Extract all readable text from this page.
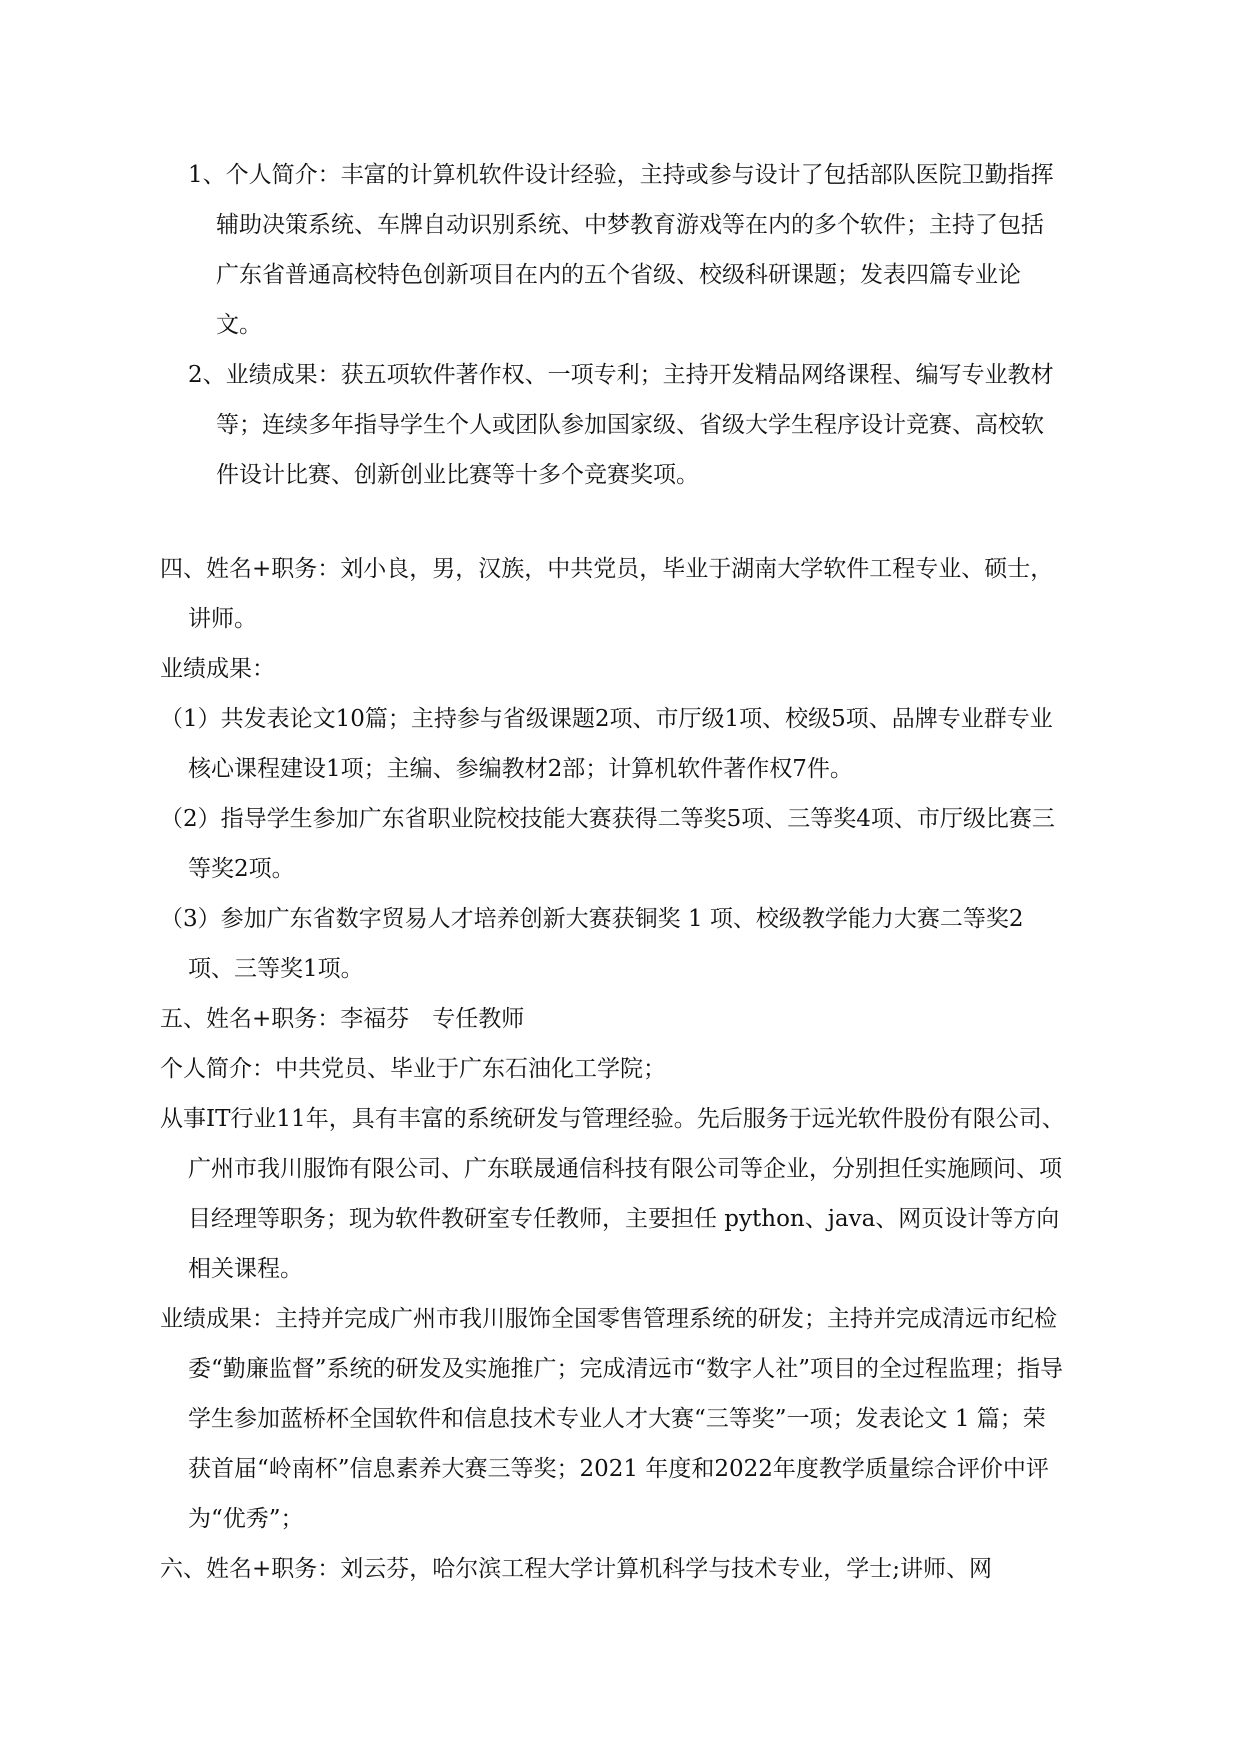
1、个人简介：丰富的计算机软件设计经验，主持或参与设计了包括部队医院卫勤指挥辅助决策系统、车牌自动识别系统、中梦教育游戏等在内的多个软件；主持了包括广东省普通高校特色创新项目在内的五个省级、校级科研课题；发表四篇专业论文。

2、业绩成果：获五项软件著作权、一项专利；主持开发精品网络课程、编写专业教材等；连续多年指导学生个人或团队参加国家级、省级大学生程序设计竞赛、高校软件设计比赛、创新创业比赛等十多个竞赛奖项。

四、姓名+职务：刘小良，男，汉族，中共党员，毕业于湖南大学软件工程专业、硕士，讲师。

业绩成果：

（1）共发表论文10篇；主持参与省级课题2项、市厅级1项、校级5项、品牌专业群专业核心课程建设1项；主编、参编教材2部；计算机软件著作权7件。

（2）指导学生参加广东省职业院校技能大赛获得二等奖5项、三等奖4项、市厅级比赛三等奖2项。

（3）参加广东省数字贸易人才培养创新大赛获铜奖 1 项、校级教学能力大赛二等奖2项、三等奖1项。

五、姓名+职务：李福芬　专任教师

个人简介：中共党员、毕业于广东石油化工学院；

从事IT行业11年，具有丰富的系统研发与管理经验。先后服务于远光软件股份有限公司、广州市我川服饰有限公司、广东联晟通信科技有限公司等企业，分别担任实施顾问、项目经理等职务；现为软件教研室专任教师，主要担任 python、java、网页设计等方向相关课程。

业绩成果：主持并完成广州市我川服饰全国零售管理系统的研发；主持并完成清远市纪检委“勤廉监督”系统的研发及实施推广；完成清远市“数字人社”项目的全过程监理；指导学生参加蓝桥杯全国软件和信息技术专业人才大赛“三等奖”一项；发表论文 1 篇；荣获首届“岭南杯”信息素养大赛三等奖；2021 年度和2022年度教学质量综合评价中评为“优秀”；

六、姓名+职务：刘云芬，哈尔滨工程大学计算机科学与技术专业，学士;讲师、网
